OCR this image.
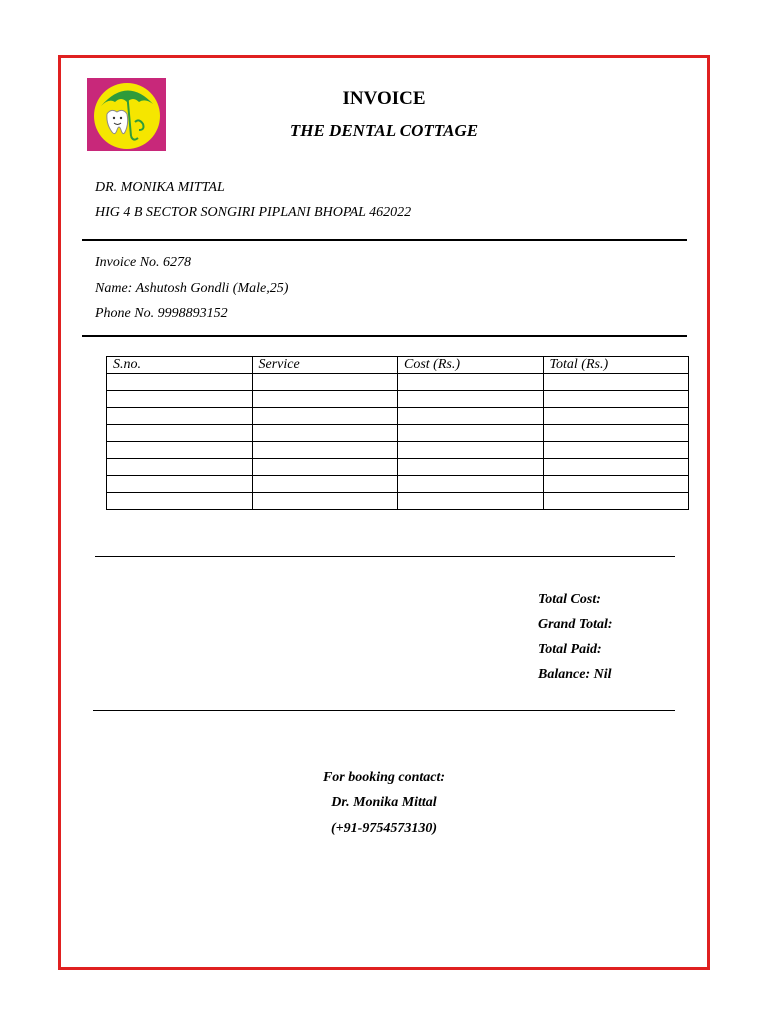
INVOICE
THE DENTAL COTTAGE
DR. MONIKA MITTAL
HIG 4 B SECTOR SONGIRI PIPLANI BHOPAL 462022
Invoice No. 6278
Name: Ashutosh Gondli (Male,25)
Phone No. 9998893152
S.no.	Service	Cost (Rs.)	Total (Rs.)

Total Cost:
Grand Total:
Total Paid:
Balance: Nil
For booking contact:
Dr. Monika Mittal
(+91-9754573130)
